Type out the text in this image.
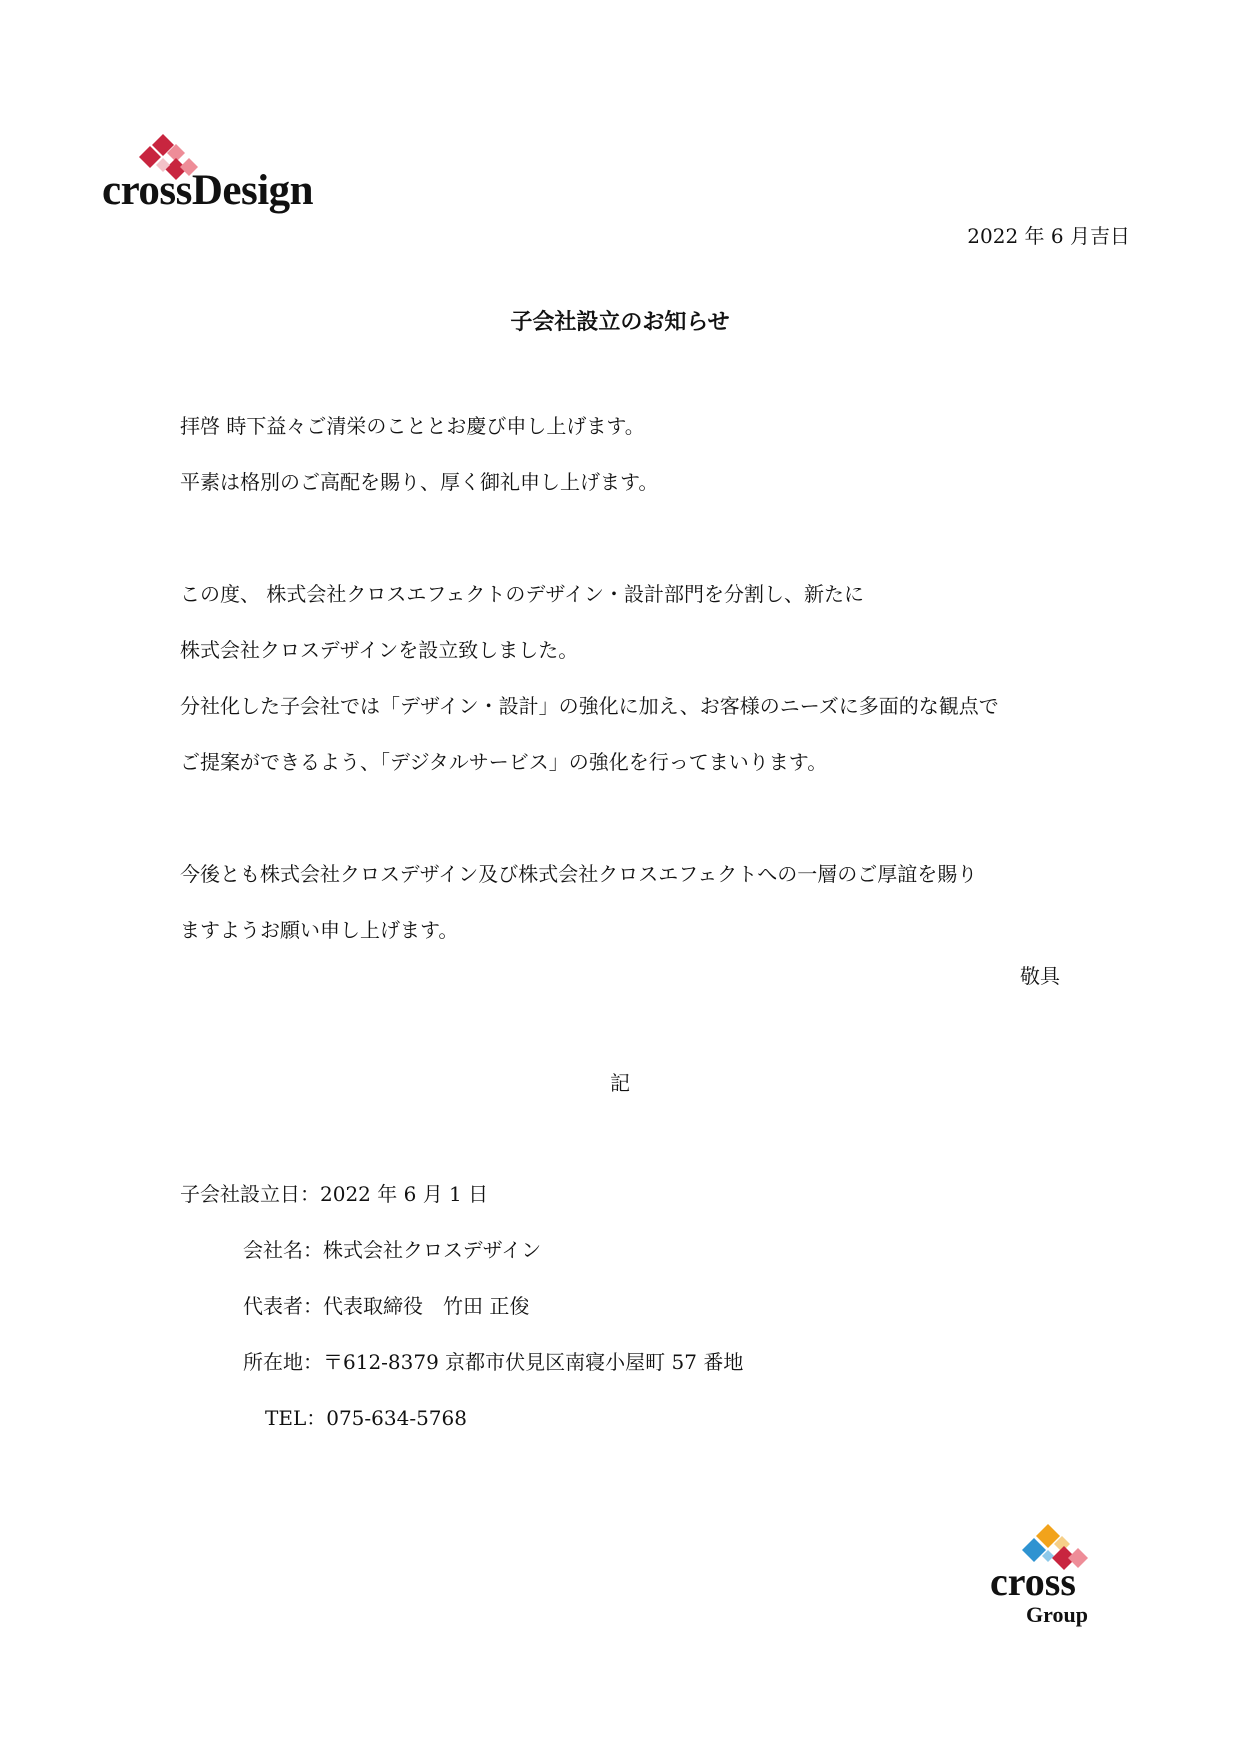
crossDesign
2022 年 6 月吉日
子会社設立のお知らせ
拝啓 時下益々ご清栄のこととお慶び申し上げます。
平素は格別のご高配を賜り、厚く御礼申し上げます。
この度、 株式会社クロスエフェクトのデザイン・設計部門を分割し、新たに
株式会社クロスデザインを設立致しました。
分社化した子会社では「デザイン・設計」の強化に加え、お客様のニーズに多面的な観点で
ご提案ができるよう、「デジタルサービス」の強化を行ってまいります。
今後とも株式会社クロスデザイン及び株式会社クロスエフェクトへの一層のご厚誼を賜り
ますようお願い申し上げます。
敬具
記
子会社設立日：2022 年 6 月 1 日
会社名：株式会社クロスデザイン
代表者：代表取締役　竹田 正俊
所在地：〒612-8379 京都市伏見区南寝小屋町 57 番地
TEL：075-634-5768
cross
Group
